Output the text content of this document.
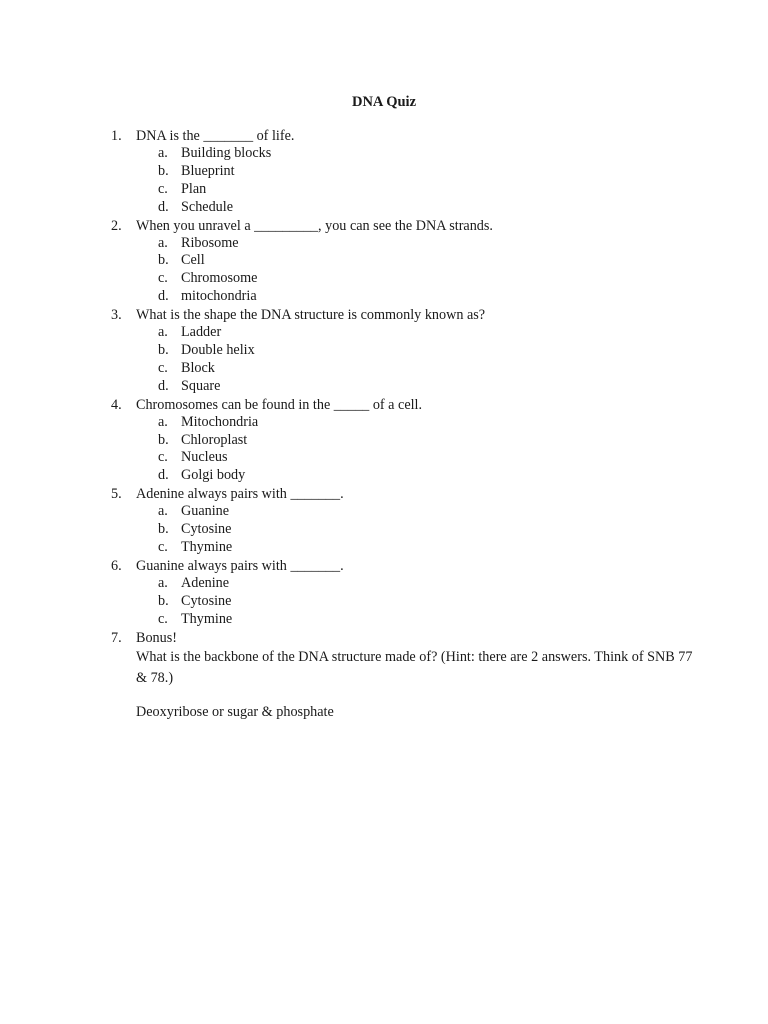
DNA Quiz
1.	DNA is the _______ of life.
a. Building blocks
b. Blueprint
c. Plan
d. Schedule
2.	When you unravel a _________, you can see the DNA strands.
a. Ribosome
b. Cell
c. Chromosome
d. mitochondria
3.	What is the shape the DNA structure is commonly known as?
a. Ladder
b. Double helix
c. Block
d. Square
4.	Chromosomes can be found in the _____ of a cell.
a. Mitochondria
b. Chloroplast
c. Nucleus
d. Golgi body
5.	Adenine always pairs with _______.
a. Guanine
b. Cytosine
c. Thymine
6.	Guanine always pairs with _______.
a. Adenine
b. Cytosine
c. Thymine
7.	Bonus!
What is the backbone of the DNA structure made of? (Hint: there are 2 answers. Think of SNB 77 & 78.)
Deoxyribose or sugar & phosphate
